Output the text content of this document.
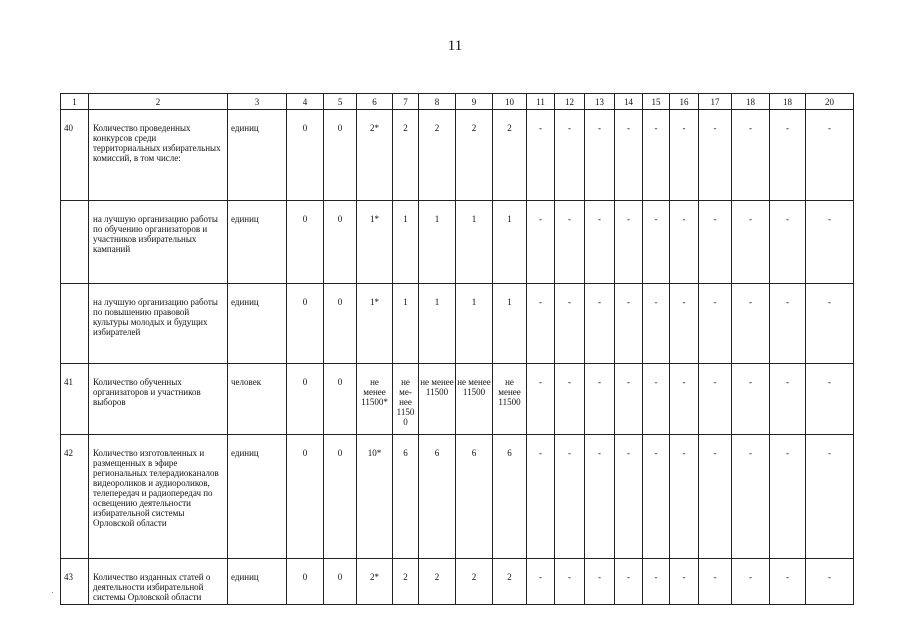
11
1	2	3	4	5	6	7	8	9	10	11	12	13	14	15	16	17	18	18	20
40	Количество проведенных конкурсов среди территориальных избирательных комиссий, в том числе:	единиц	0	0	2*	2	2	2	2	-	-	-	-	-	-	-	-	-	-
	на лучшую организацию работы по обучению организаторов и участников избирательных кампаний	единиц	0	0	1*	1	1	1	1	-	-	-	-	-	-	-	-	-	-
	на лучшую организацию работы по повышению правовой культуры молодых и будущих избирателей	единиц	0	0	1*	1	1	1	1	-	-	-	-	-	-	-	-	-	-
41	Количество обученных организаторов и участников выборов	человек	0	0	не менее 11500*	не ме-нее 1150 0	не менее 11500	не менее 11500	не менее 11500	-	-	-	-	-	-	-	-	-	-
42	Количество изготовленных и размещенных в эфире региональных телерадиоканалов видеороликов и аудиороликов, телепередач и радиопередач по освещению деятельности избирательной системы Орловской области	единиц	0	0	10*	6	6	6	6	-	-	-	-	-	-	-	-	-	-
43	Количество изданных статей о деятельности избирательной системы Орловской области	единиц	0	0	2*	2	2	2	2	-	-	-	-	-	-	-	-	-	-
